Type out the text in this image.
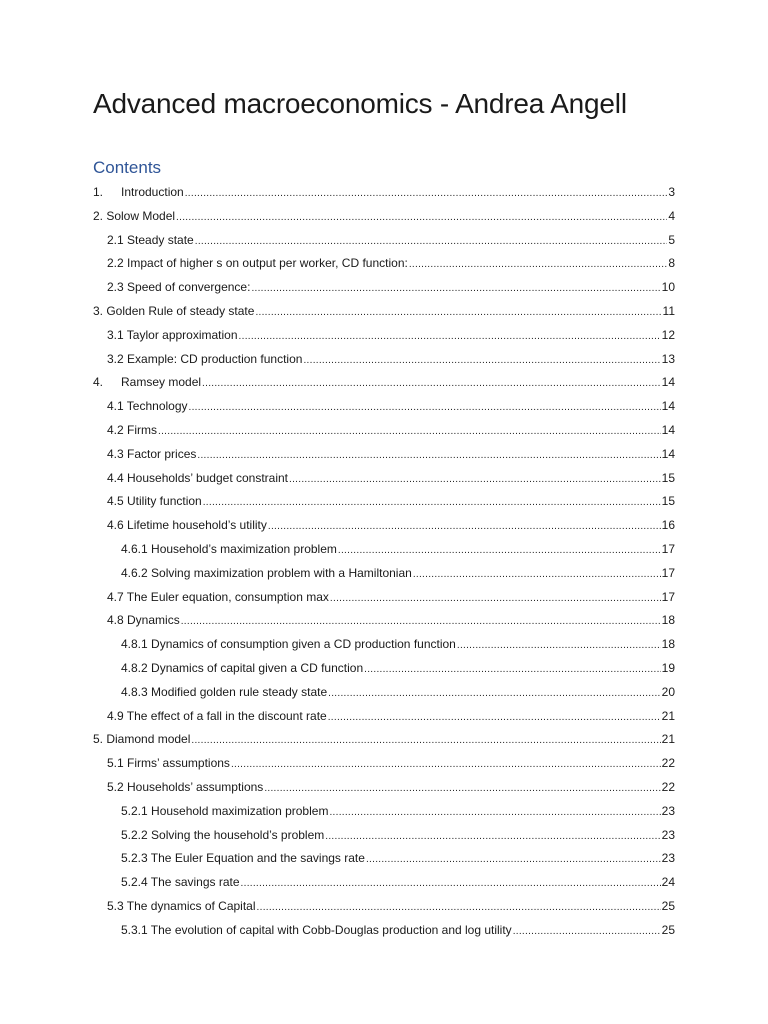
Advanced macroeconomics - Andrea Angell
Contents
1.	Introduction .....	3
2. Solow Model .....	4
2.1 Steady state .....	5
2.2 Impact of higher s on output per worker, CD function: .....	8
2.3 Speed of convergence: .....	10
3. Golden Rule of steady state .....	11
3.1 Taylor approximation .....	12
3.2 Example: CD production function .....	13
4.	Ramsey model .....	14
4.1 Technology .....	14
4.2 Firms .....	14
4.3 Factor prices .....	14
4.4 Households’ budget constraint .....	15
4.5 Utility function .....	15
4.6 Lifetime household’s utility .....	16
4.6.1 Household’s maximization problem .....	17
4.6.2 Solving maximization problem with a Hamiltonian .....	17
4.7 The Euler equation, consumption max .....	17
4.8 Dynamics .....	18
4.8.1 Dynamics of consumption given a CD production function .....	18
4.8.2 Dynamics of capital given a CD function .....	19
4.8.3 Modified golden rule steady state .....	20
4.9 The effect of a fall in the discount rate .....	21
5. Diamond model .....	21
5.1 Firms’ assumptions .....	22
5.2 Households’ assumptions .....	22
5.2.1 Household maximization problem .....	23
5.2.2 Solving the household’s problem .....	23
5.2.3 The Euler Equation and the savings rate .....	23
5.2.4 The savings rate .....	24
5.3 The dynamics of Capital .....	25
5.3.1 The evolution of capital with Cobb-Douglas production and log utility .....	25
